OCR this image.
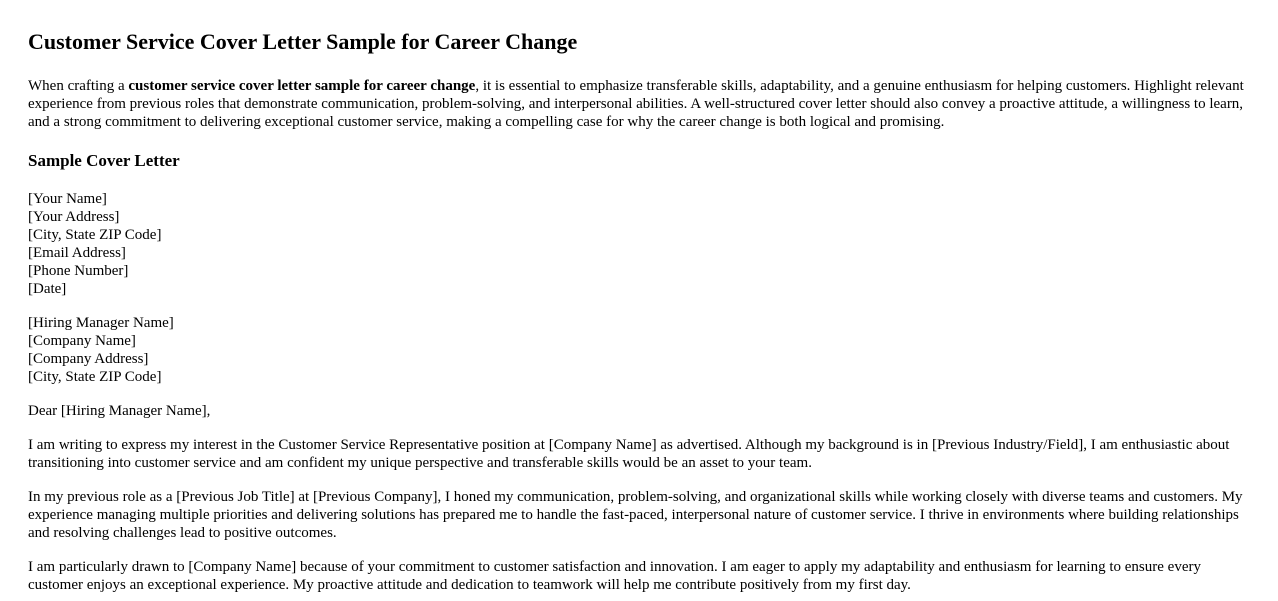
Customer Service Cover Letter Sample for Career Change

When crafting a customer service cover letter sample for career change, it is essential to emphasize transferable skills, adaptability, and a genuine enthusiasm for helping customers. Highlight relevant experience from previous roles that demonstrate communication, problem-solving, and interpersonal abilities. A well-structured cover letter should also convey a proactive attitude, a willingness to learn, and a strong commitment to delivering exceptional customer service, making a compelling case for why the career change is both logical and promising.

Sample Cover Letter
[Your Name]
[Your Address]
[City, State ZIP Code]
[Email Address]
[Phone Number]
[Date]
[Hiring Manager Name]
[Company Name]
[Company Address]
[City, State ZIP Code]

Dear [Hiring Manager Name],

I am writing to express my interest in the Customer Service Representative position at [Company Name] as advertised. Although my background is in [Previous Industry/Field], I am enthusiastic about transitioning into customer service and am confident my unique perspective and transferable skills would be an asset to your team.

In my previous role as a [Previous Job Title] at [Previous Company], I honed my communication, problem-solving, and organizational skills while working closely with diverse teams and customers. My experience managing multiple priorities and delivering solutions has prepared me to handle the fast-paced, interpersonal nature of customer service. I thrive in environments where building relationships and resolving challenges lead to positive outcomes.

I am particularly drawn to [Company Name] because of your commitment to customer satisfaction and innovation. I am eager to apply my adaptability and enthusiasm for learning to ensure every customer enjoys an exceptional experience. My proactive attitude and dedication to teamwork will help me contribute positively from my first day.
